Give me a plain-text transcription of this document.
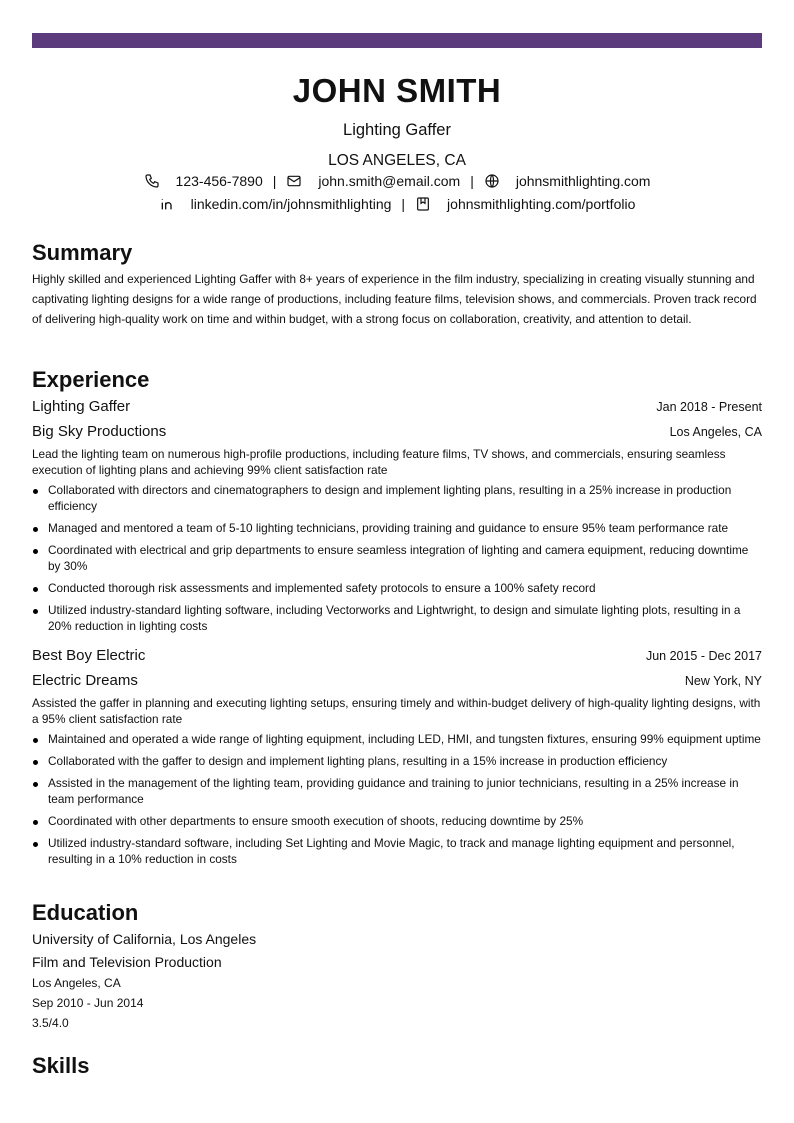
JOHN SMITH
Lighting Gaffer
LOS ANGELES, CA
123-456-7890 |	john.smith@email.com |	johnsmithlighting.com
linkedin.com/in/johnsmithlighting |	johnsmithlighting.com/portfolio
Summary
Highly skilled and experienced Lighting Gaffer with 8+ years of experience in the film industry, specializing in creating visually stunning and captivating lighting designs for a wide range of productions, including feature films, television shows, and commercials. Proven track record of delivering high-quality work on time and within budget, with a strong focus on collaboration, creativity, and attention to detail.
Experience
Lighting Gaffer	Jan 2018 - Present
Big Sky Productions	Los Angeles, CA
Lead the lighting team on numerous high-profile productions, including feature films, TV shows, and commercials, ensuring seamless execution of lighting plans and achieving 99% client satisfaction rate
Collaborated with directors and cinematographers to design and implement lighting plans, resulting in a 25% increase in production efficiency
Managed and mentored a team of 5-10 lighting technicians, providing training and guidance to ensure 95% team performance rate
Coordinated with electrical and grip departments to ensure seamless integration of lighting and camera equipment, reducing downtime by 30%
Conducted thorough risk assessments and implemented safety protocols to ensure a 100% safety record
Utilized industry-standard lighting software, including Vectorworks and Lightwright, to design and simulate lighting plots, resulting in a 20% reduction in lighting costs
Best Boy Electric	Jun 2015 - Dec 2017
Electric Dreams	New York, NY
Assisted the gaffer in planning and executing lighting setups, ensuring timely and within-budget delivery of high-quality lighting designs, with a 95% client satisfaction rate
Maintained and operated a wide range of lighting equipment, including LED, HMI, and tungsten fixtures, ensuring 99% equipment uptime
Collaborated with the gaffer to design and implement lighting plans, resulting in a 15% increase in production efficiency
Assisted in the management of the lighting team, providing guidance and training to junior technicians, resulting in a 25% increase in team performance
Coordinated with other departments to ensure smooth execution of shoots, reducing downtime by 25%
Utilized industry-standard software, including Set Lighting and Movie Magic, to track and manage lighting equipment and personnel, resulting in a 10% reduction in costs
Education
University of California, Los Angeles
Film and Television Production
Los Angeles, CA
Sep 2010 - Jun 2014
3.5/4.0
Skills
